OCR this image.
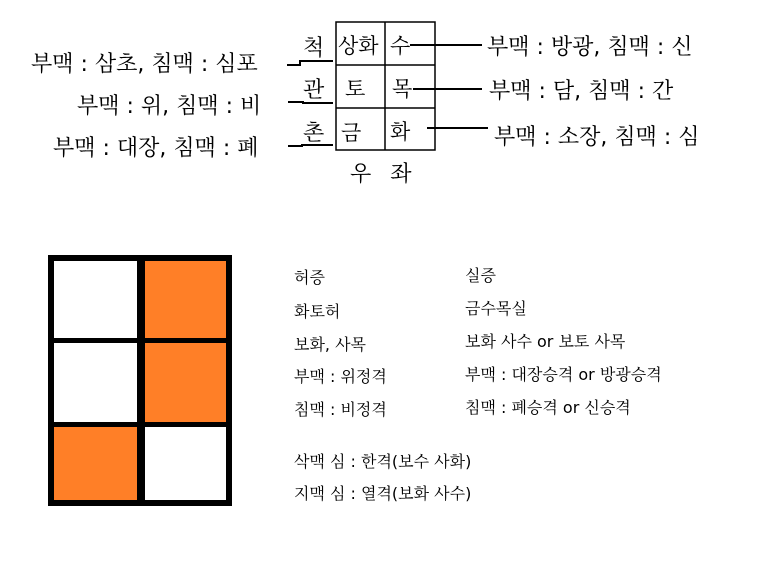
척
관
촌
상화
토
금
수
목
화
우 좌
부맥 : 삼초, 침맥 : 심포
부맥 : 위, 침맥 : 비
부맥 : 대장, 침맥 : 폐
부맥 : 방광, 침맥 : 신
부맥 : 담, 침맥 : 간
부맥 : 소장, 침맥 : 심
허증
화토허
보화, 사목
부맥 : 위정격
침맥 : 비정격
실증
금수목실
보화 사수 or 보토 사목
부맥 : 대장승격 or 방광승격
침맥 : 폐승격 or 신승격
삭맥 심 : 한격(보수 사화)
지맥 심 : 열격(보화 사수)
